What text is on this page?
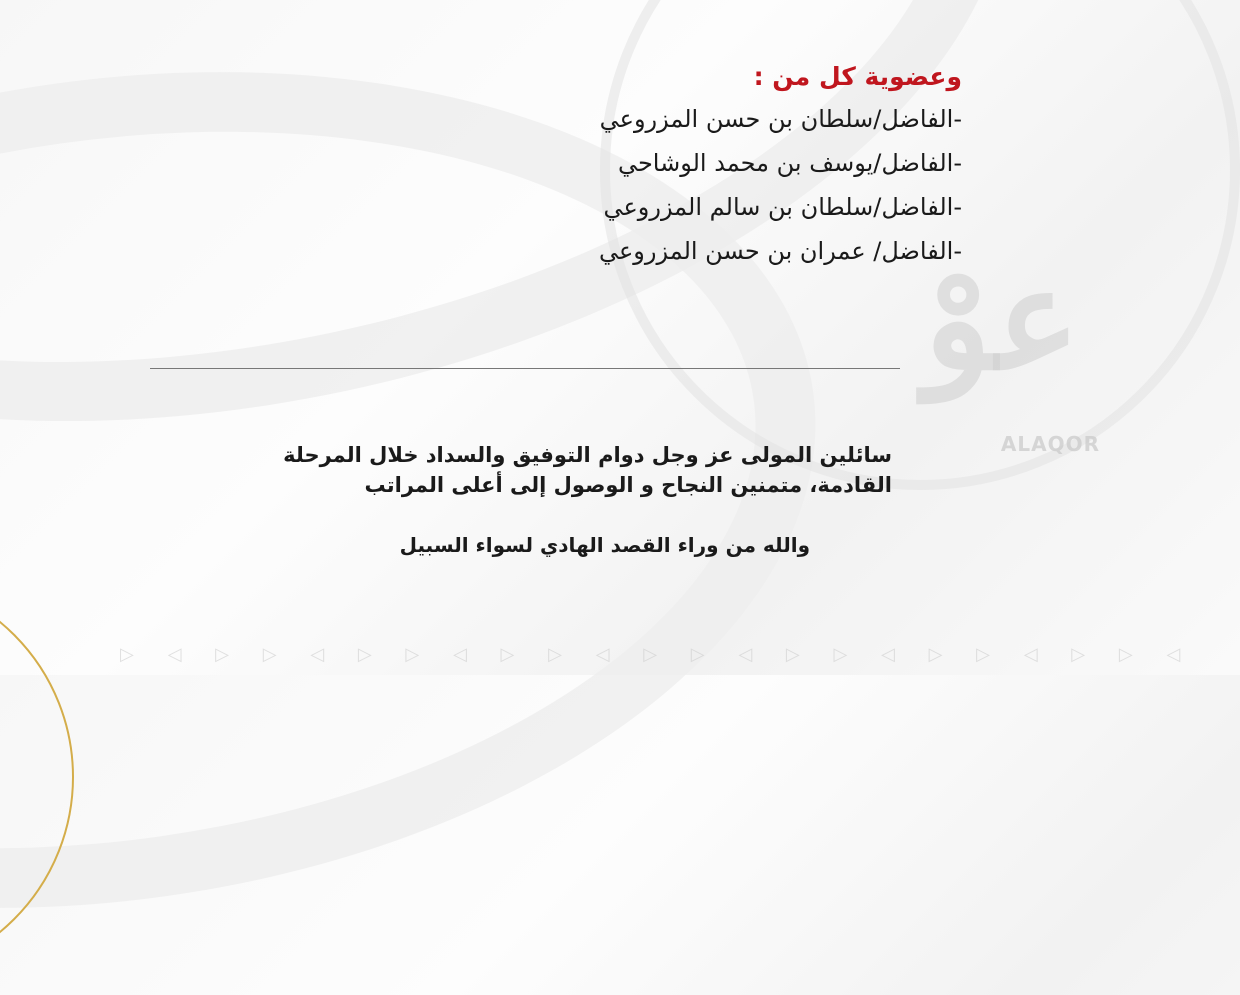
عوْ
ALAQOR
▷ ◁ ▷ ▷ ◁ ▷ ▷ ◁ ▷ ▷ ◁ ▷ ▷ ◁ ▷ ▷ ◁ ▷ ▷ ◁ ▷ ▷ ◁

وعضوية كل من :

-الفاضل/سلطان بن حسن المزروعي

-الفاضل/يوسف بن محمد الوشاحي

-الفاضل/سلطان بن سالم المزروعي

-الفاضل/ عمران بن حسن المزروعي

سائلين المولى عز وجل دوام التوفيق والسداد خلال المرحلة القادمة، متمنين النجاح و الوصول إلى أعلى المراتب

والله من وراء القصد الهادي لسواء السبيل
